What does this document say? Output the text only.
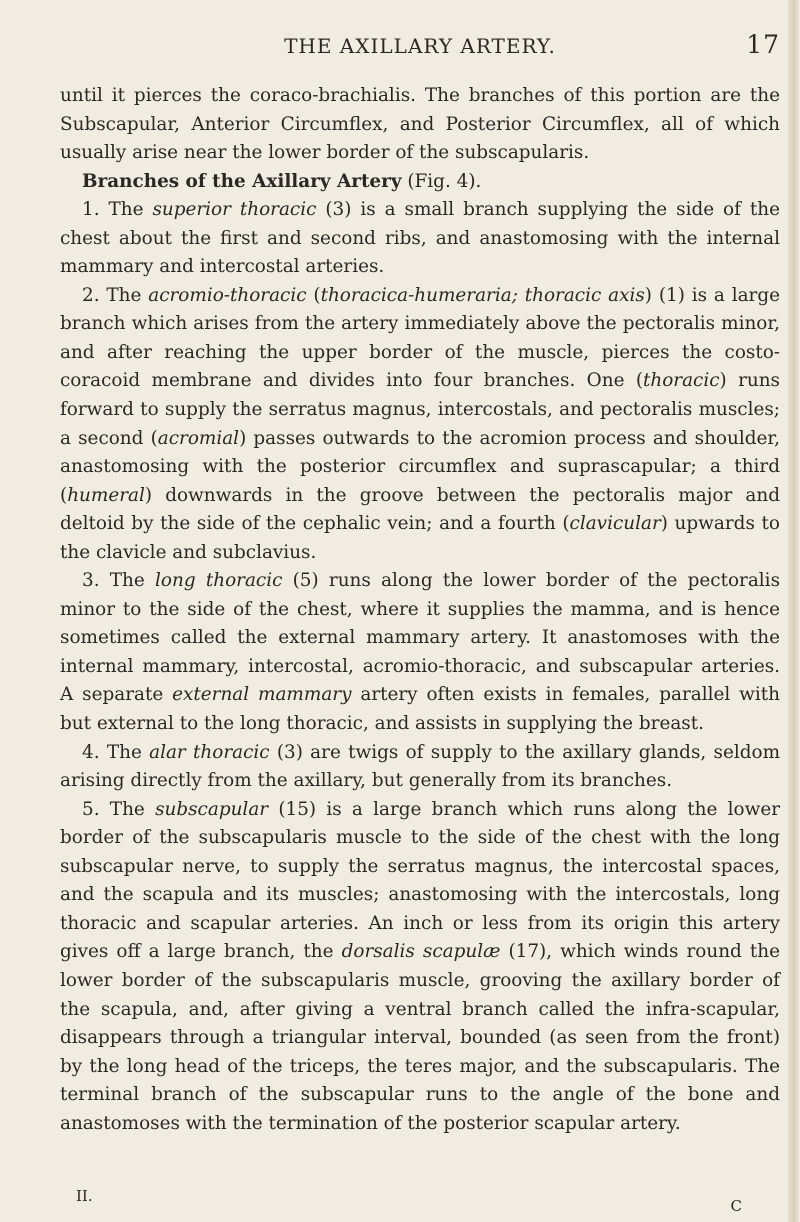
THE AXILLARY ARTERY.	17

until it pierces the coraco-brachialis. The branches of this portion are the Subscapular, Anterior Circumflex, and Posterior Circumflex, all of which usually arise near the lower border of the subscapularis.

Branches of the Axillary Artery (Fig. 4).

1. The superior thoracic (3) is a small branch supplying the side of the chest about the first and second ribs, and anastomosing with the internal mammary and intercostal arteries.

2. The acromio-thoracic (thoracica-humeraria; thoracic axis) (1) is a large branch which arises from the artery immediately above the pectoralis minor, and after reaching the upper border of the muscle, pierces the costo-coracoid membrane and divides into four branches. One (thoracic) runs forward to supply the serratus magnus, intercostals, and pectoralis muscles; a second (acromial) passes outwards to the acromion process and shoulder, anastomosing with the posterior circumflex and suprascapular; a third (humeral) downwards in the groove between the pectoralis major and deltoid by the side of the cephalic vein; and a fourth (clavicular) upwards to the clavicle and subclavius.

3. The long thoracic (5) runs along the lower border of the pectoralis minor to the side of the chest, where it supplies the mamma, and is hence sometimes called the external mammary artery. It anastomoses with the internal mammary, intercostal, acromio-thoracic, and subscapular arteries. A separate external mammary artery often exists in females, parallel with but external to the long thoracic, and assists in supplying the breast.

4. The alar thoracic (3) are twigs of supply to the axillary glands, seldom arising directly from the axillary, but generally from its branches.

5. The subscapular (15) is a large branch which runs along the lower border of the subscapularis muscle to the side of the chest with the long subscapular nerve, to supply the serratus magnus, the intercostal spaces, and the scapula and its muscles; anastomosing with the intercostals, long thoracic and scapular arteries. An inch or less from its origin this artery gives off a large branch, the dorsalis scapulæ (17), which winds round the lower border of the subscapularis muscle, grooving the axillary border of the scapula, and, after giving a ventral branch called the infra-scapular, disappears through a triangular interval, bounded (as seen from the front) by the long head of the triceps, the teres major, and the subscapularis. The terminal branch of the subscapular runs to the angle of the bone and anastomoses with the termination of the posterior scapular artery.

II.
C
